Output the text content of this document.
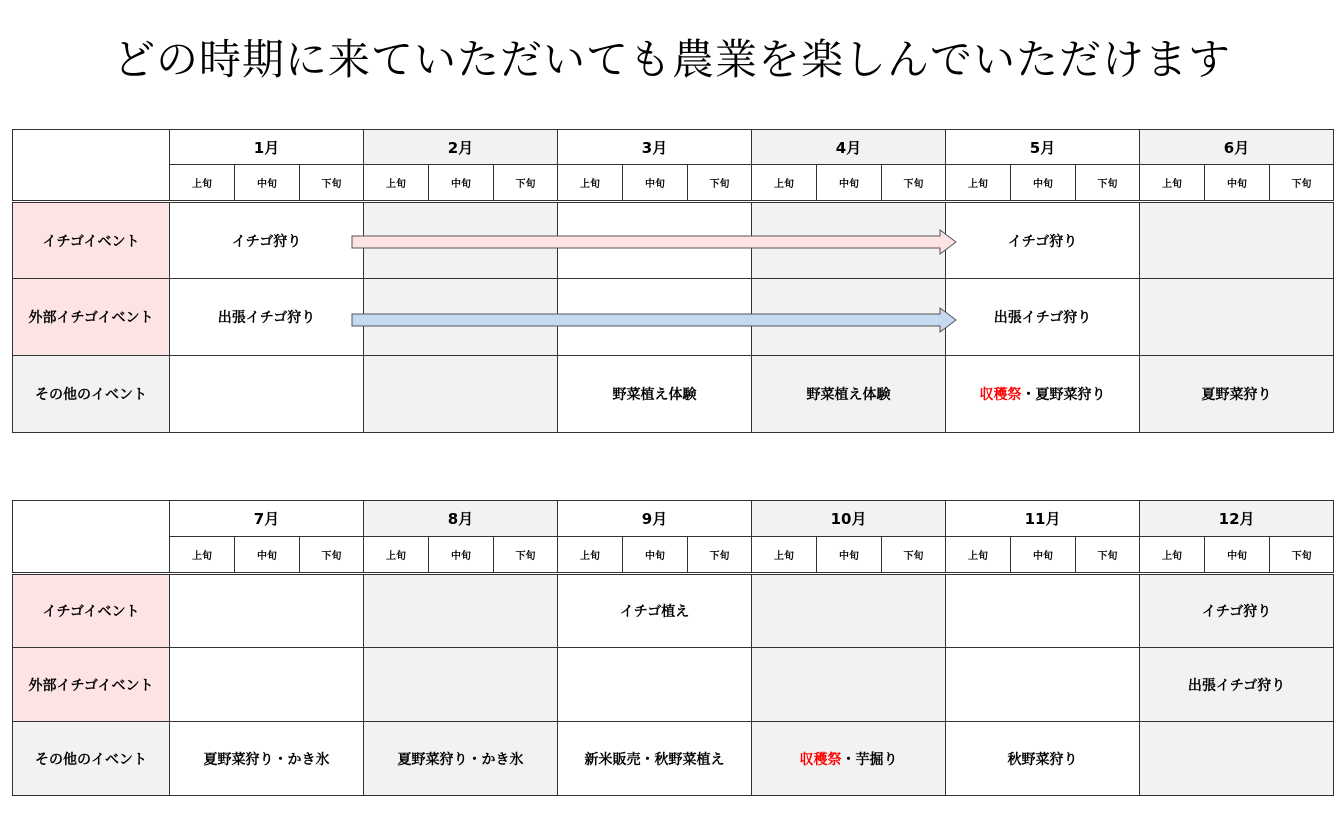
どの時期に来ていただいても農業を楽しんでいただけます
	1月			2月			3月			4月			5月			6月		
	上旬	中旬	下旬	上旬	中旬	下旬	上旬	中旬	下旬	上旬	中旬	下旬	上旬	中旬	下旬	上旬	中旬	下旬
イチゴイベント	イチゴ狩り												イチゴ狩り					
外部イチゴイベント	出張イチゴ狩り												出張イチゴ狩り					
その他のイベント							野菜植え体験			野菜植え体験			収穫祭・夏野菜狩り			夏野菜狩り		
	7月			8月			9月			10月			11月			12月		
	上旬	中旬	下旬	上旬	中旬	下旬	上旬	中旬	下旬	上旬	中旬	下旬	上旬	中旬	下旬	上旬	中旬	下旬
イチゴイベント							イチゴ植え									イチゴ狩り		
外部イチゴイベント																出張イチゴ狩り		
その他のイベント	夏野菜狩り・かき氷			夏野菜狩り・かき氷			新米販売・秋野菜植え			収穫祭・芋掘り			秋野菜狩り					
